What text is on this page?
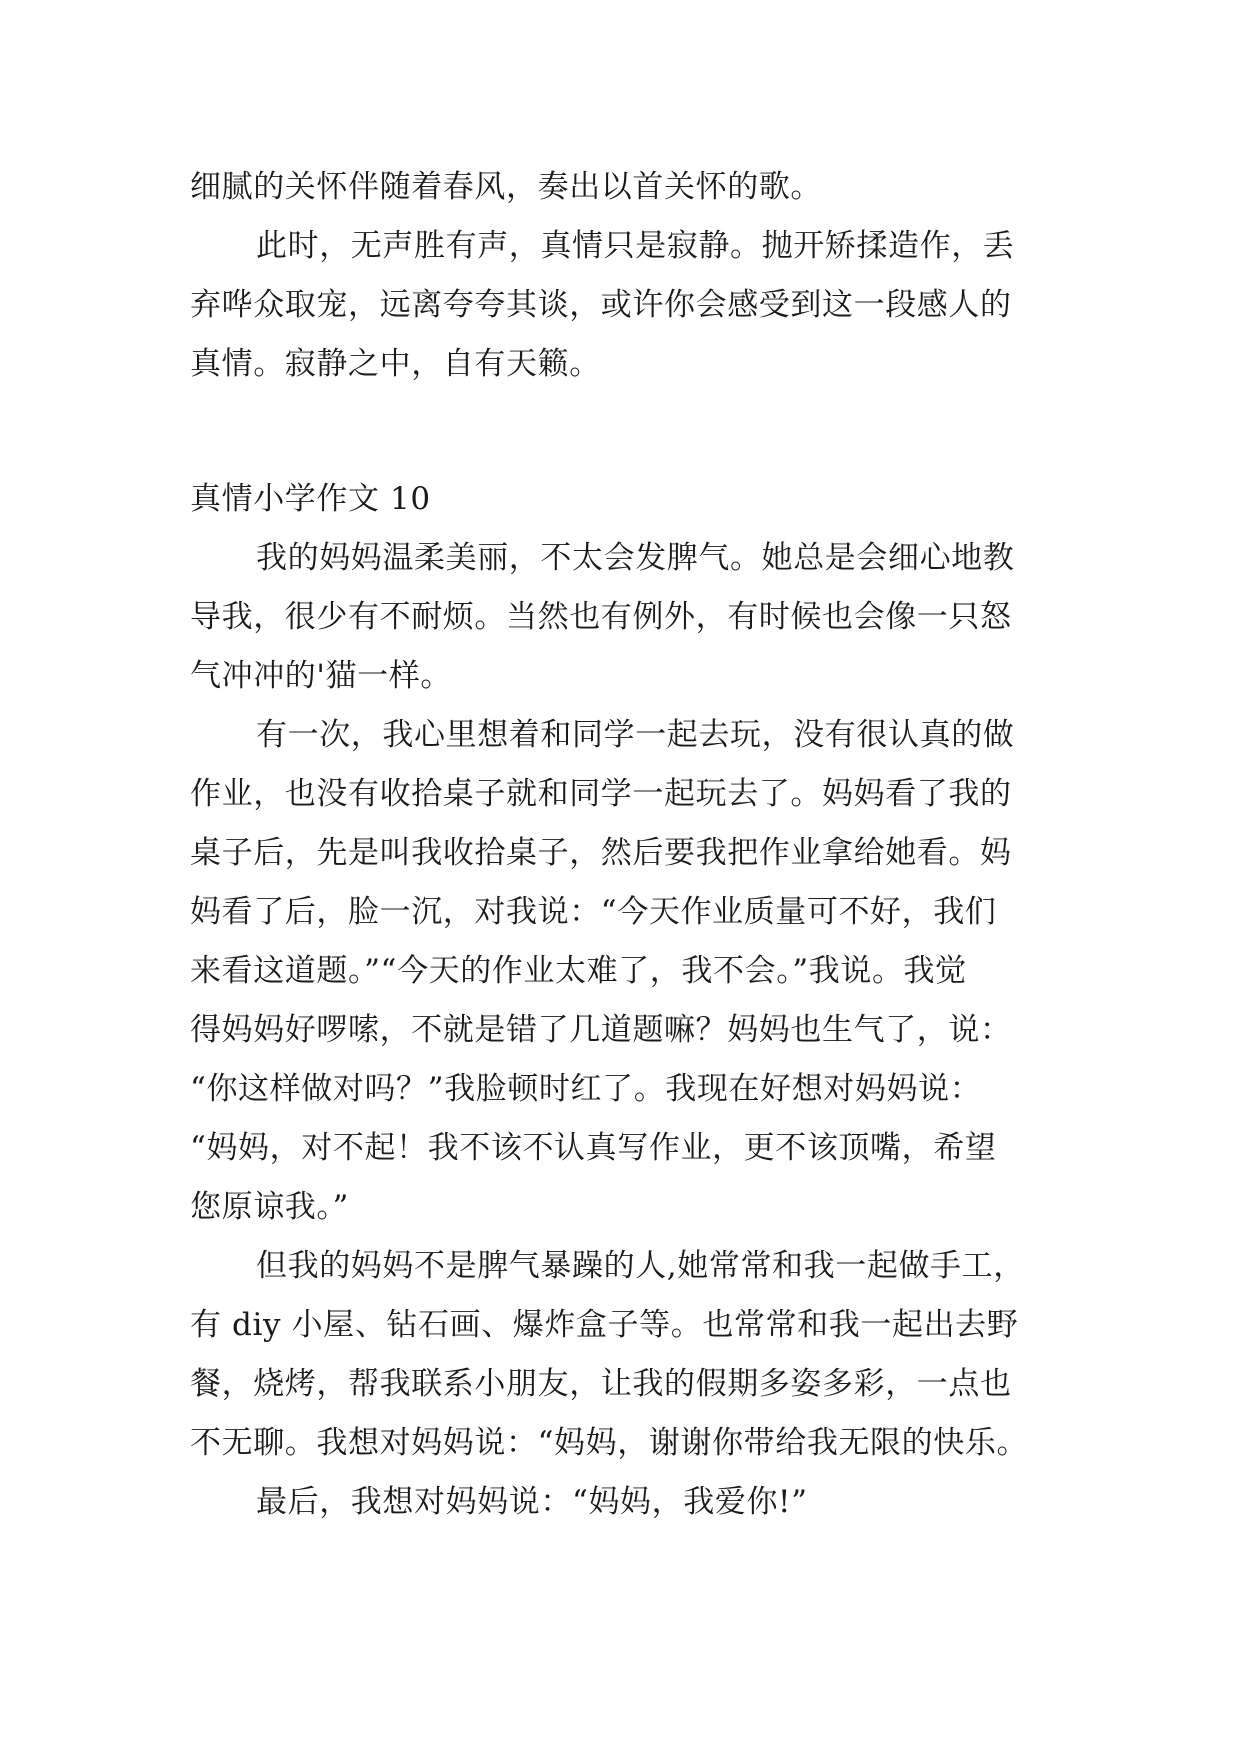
细腻的关怀伴随着春风，奏出以首关怀的歌。
此时，无声胜有声，真情只是寂静。抛开矫揉造作，丢
弃哗众取宠，远离夸夸其谈，或许你会感受到这一段感人的
真情。寂静之中，自有天籁。
真情小学作文 10
我的妈妈温柔美丽，不太会发脾气。她总是会细心地教
导我，很少有不耐烦。当然也有例外，有时候也会像一只怒
气冲冲的'猫一样。
有一次，我心里想着和同学一起去玩，没有很认真的做
作业，也没有收拾桌子就和同学一起玩去了。妈妈看了我的
桌子后，先是叫我收拾桌子，然后要我把作业拿给她看。妈
妈看了后，脸一沉，对我说：“今天作业质量可不好，我们
来看这道题。”“今天的作业太难了，我不会。”我说。我觉
得妈妈好啰嗦，不就是错了几道题嘛？妈妈也生气了，说：
“你这样做对吗？”我脸顿时红了。我现在好想对妈妈说：
“妈妈，对不起！我不该不认真写作业，更不该顶嘴，希望
您原谅我。”
但我的妈妈不是脾气暴躁的人,她常常和我一起做手工，
有 diy 小屋、钻石画、爆炸盒子等。也常常和我一起出去野
餐，烧烤，帮我联系小朋友，让我的假期多姿多彩，一点也
不无聊。我想对妈妈说：“妈妈，谢谢你带给我无限的快乐。
最后，我想对妈妈说：“妈妈，我爱你!”
